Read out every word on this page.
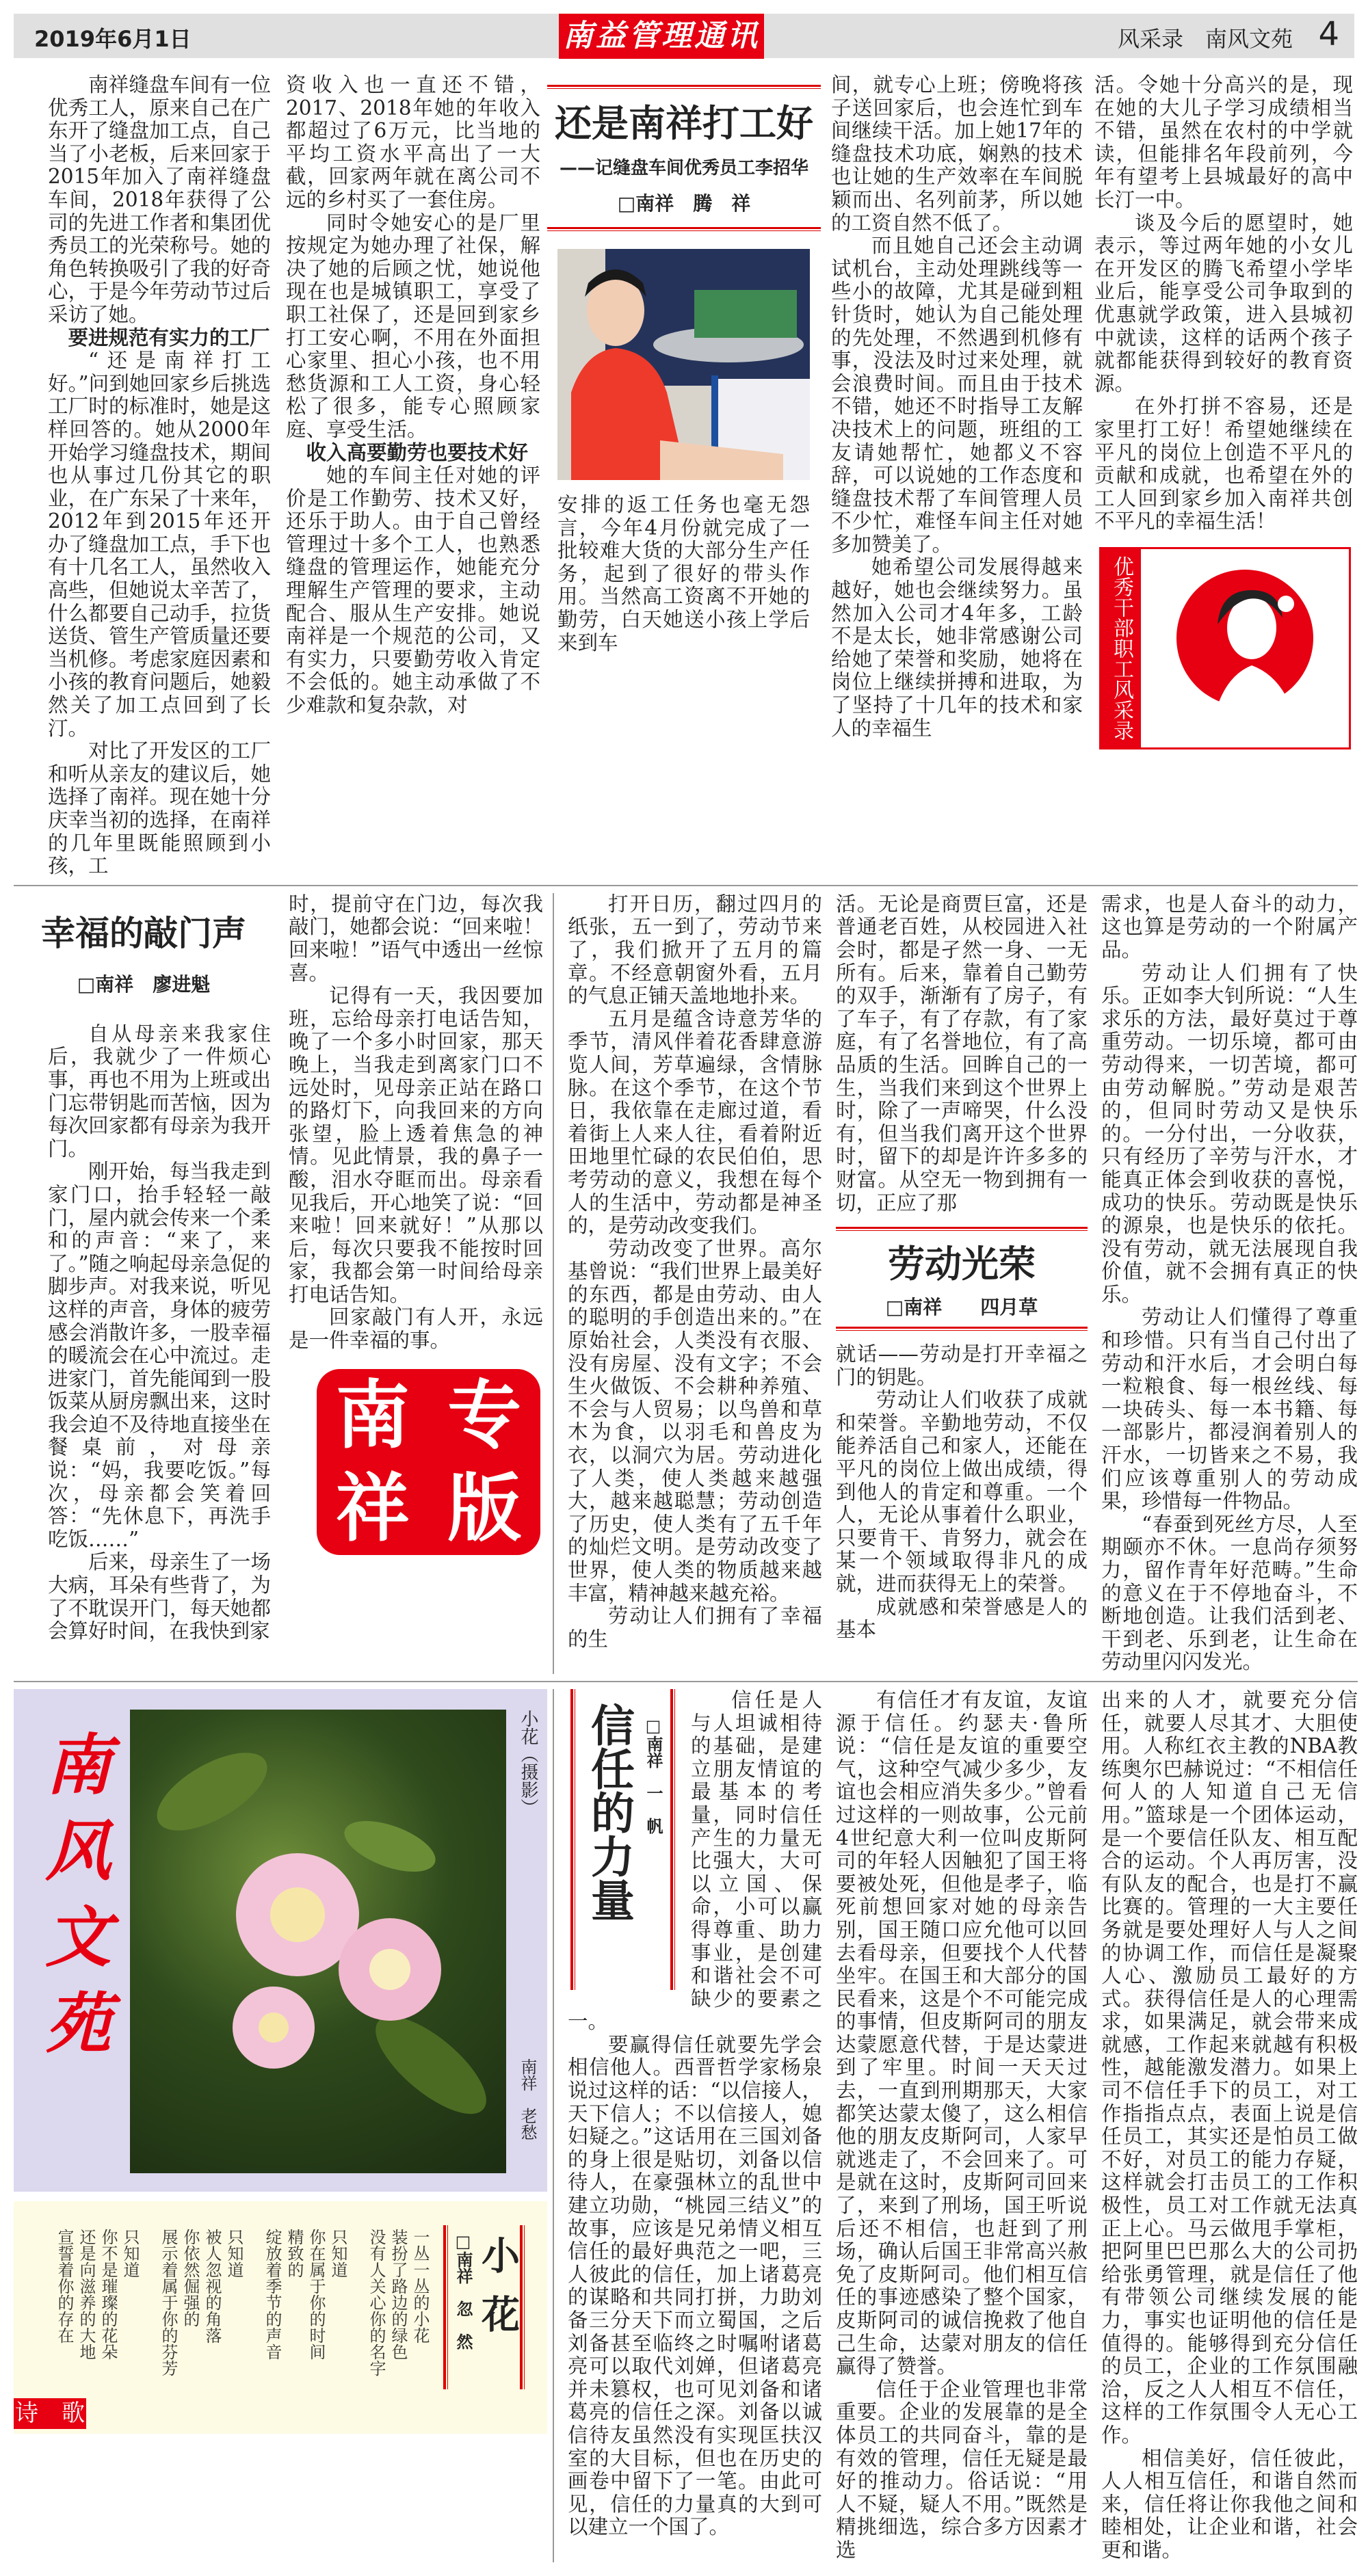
2019年6月1日	南益管理通讯	风采录　南风文苑 4

南祥缝盘车间有一位优秀工人，原来自己在广东开了缝盘加工点，自己当了小老板，后来回家于2015年加入了南祥缝盘车间，2018年获得了公司的先进工作者和集团优秀员工的光荣称号。她的角色转换吸引了我的好奇心，于是今年劳动节过后采访了她。

要进规范有实力的工厂

“还是南祥打工好。”问到她回家乡后挑选工厂时的标准时，她是这样回答的。她从2000年开始学习缝盘技术，期间也从事过几份其它的职业，在广东呆了十来年，2012年到2015年还开办了缝盘加工点，手下也有十几名工人，虽然收入高些，但她说太辛苦了，什么都要自己动手，拉货送货、管生产管质量还要当机修。考虑家庭因素和小孩的教育问题后，她毅然关了加工点回到了长汀。

对比了开发区的工厂和听从亲友的建议后，她选择了南祥。现在她十分庆幸当初的选择，在南祥的几年里既能照顾到小孩，工

资收入也一直还不错，2017、2018年她的年收入都超过了6万元，比当地的平均工资水平高出了一大截，回家两年就在离公司不远的乡村买了一套住房。

同时令她安心的是厂里按规定为她办理了社保，解决了她的后顾之忧，她说他现在也是城镇职工，享受了职工社保了，还是回到家乡打工安心啊，不用在外面担心家里、担心小孩，也不用愁货源和工人工资，身心轻松了很多，能专心照顾家庭、享受生活。

收入高要勤劳也要技术好

她的车间主任对她的评价是工作勤劳、技术又好，还乐于助人。由于自己曾经管理过十多个工人，也熟悉缝盘的管理运作，她能充分理解生产管理的要求，主动配合、服从生产安排。她说南祥是一个规范的公司，又有实力，只要勤劳收入肯定不会低的。她主动承做了不少难款和复杂款，对

还是南祥打工好
——记缝盘车间优秀员工李招华
□南祥　腾　祥

安排的返工任务也毫无怨言，今年4月份就完成了一批较难大货的大部分生产任务，起到了很好的带头作用。当然高工资离不开她的勤劳，白天她送小孩上学后来到车

间，就专心上班；傍晚将孩子送回家后，也会连忙到车间继续干活。加上她17年的缝盘技术功底，娴熟的技术也让她的生产效率在车间脱颖而出、名列前茅，所以她的工资自然不低了。

而且她自己还会主动调试机台，主动处理跳线等一些小的故障，尤其是碰到粗针货时，她认为自己能处理的先处理，不然遇到机修有事，没法及时过来处理，就会浪费时间。而且由于技术不错，她还不时指导工友解决技术上的问题，班组的工友请她帮忙，她都义不容辞，可以说她的工作态度和缝盘技术帮了车间管理人员不少忙，难怪车间主任对她多加赞美了。

她希望公司发展得越来越好，她也会继续努力。虽然加入公司才4年多，工龄不是太长，她非常感谢公司给她了荣誉和奖励，她将在岗位上继续拼搏和进取，为了坚持了十几年的技术和家人的幸福生

活。令她十分高兴的是，现在她的大儿子学习成绩相当不错，虽然在农村的中学就读，但能排名年段前列，今年有望考上县城最好的高中长汀一中。

谈及今后的愿望时，她表示，等过两年她的小女儿在开发区的腾飞希望小学毕业后，能享受公司争取到的优惠就学政策，进入县城初中就读，这样的话两个孩子就都能获得到较好的教育资源。

在外打拼不容易，还是家里打工好！希望她继续在平凡的岗位上创造不平凡的贡献和成就，也希望在外的工人回到家乡加入南祥共创不平凡的幸福生活！

优秀干部职工风采录
幸福的敲门声
□南祥　廖进魁

自从母亲来我家住后，我就少了一件烦心事，再也不用为上班或出门忘带钥匙而苦恼，因为每次回家都有母亲为我开门。

刚开始，每当我走到家门口，抬手轻轻一敲门，屋内就会传来一个柔和的声音：“来了，来了。”随之响起母亲急促的脚步声。对我来说，听见这样的声音，身体的疲劳感会消散许多，一股幸福的暖流会在心中流过。走进家门，首先能闻到一股饭菜从厨房飘出来，这时我会迫不及待地直接坐在餐桌前，对母亲说：“妈，我要吃饭。”每次，母亲都会笑着回答：“先休息下，再洗手吃饭……”

后来，母亲生了一场大病，耳朵有些背了，为了不耽误开门，每天她都会算好时间，在我快到家

时，提前守在门边，每次我敲门，她都会说：“回来啦！回来啦！”语气中透出一丝惊喜。

记得有一天，我因要加班，忘给母亲打电话告知，晚了一个多小时回家，那天晚上，当我走到离家门口不远处时，见母亲正站在路口的路灯下，向我回来的方向张望，脸上透着焦急的神情。见此情景，我的鼻子一酸，泪水夺眶而出。母亲看见我后，开心地笑了说：“回来啦！回来就好！”从那以后，每次只要我不能按时回家，我都会第一时间给母亲打电话告知。

回家敲门有人开，永远是一件幸福的事。

南 专
祥 版

打开日历，翻过四月的纸张，五一到了，劳动节来了，我们掀开了五月的篇章。不经意朝窗外看，五月的气息正铺天盖地地扑来。

五月是蕴含诗意芳华的季节，清风伴着花香肆意游览人间，芳草遍绿，含情脉脉。在这个季节，在这个节日，我依靠在走廊过道，看着街上人来人往，看着附近田地里忙碌的农民伯伯，思考劳动的意义，我想在每个人的生活中，劳动都是神圣的，是劳动改变我们。

劳动改变了世界。高尔基曾说：“我们世界上最美好的东西，都是由劳动、由人的聪明的手创造出来的。”在原始社会，人类没有衣服、没有房屋、没有文字；不会生火做饭、不会耕种养殖、不会与人贸易；以鸟兽和草木为食，以羽毛和兽皮为衣，以洞穴为居。劳动进化了人类，使人类越来越强大，越来越聪慧；劳动创造了历史，使人类有了五千年的灿烂文明。是劳动改变了世界，使人类的物质越来越丰富，精神越来越充裕。

劳动让人们拥有了幸福的生

活。无论是商贾巨富，还是普通老百姓，从校园进入社会时，都是孑然一身、一无所有。后来，靠着自己勤劳的双手，渐渐有了房子，有了车子，有了存款，有了家庭，有了名誉地位，有了高品质的生活。回眸自己的一生，当我们来到这个世界上时，除了一声啼哭，什么没有，但当我们离开这个世界时，留下的却是许许多多的财富。从空无一物到拥有一切，正应了那

劳动光荣
□南祥　　四月草

就话——劳动是打开幸福之门的钥匙。

劳动让人们收获了成就和荣誉。辛勤地劳动，不仅能养活自己和家人，还能在平凡的岗位上做出成绩，得到他人的肯定和尊重。一个人，无论从事着什么职业，只要肯干、肯努力，就会在某一个领域取得非凡的成就，进而获得无上的荣誉。

成就感和荣誉感是人的基本

需求，也是人奋斗的动力，这也算是劳动的一个附属产品。

劳动让人们拥有了快乐。正如李大钊所说：“人生求乐的方法，最好莫过于尊重劳动。一切乐境，都可由劳动得来，一切苦境，都可由劳动解脱。”劳动是艰苦的，但同时劳动又是快乐的。一分付出，一分收获，只有经历了辛劳与汗水，才能真正体会到收获的喜悦，成功的快乐。劳动既是快乐的源泉，也是快乐的依托。没有劳动，就无法展现自我价值，就不会拥有真正的快乐。

劳动让人们懂得了尊重和珍惜。只有当自己付出了劳动和汗水后，才会明白每一粒粮食、每一根丝线、每一块砖头、每一本书籍、每一部影片，都浸润着别人的汗水，一切皆来之不易，我们应该尊重别人的劳动成果，珍惜每一件物品。

“春蚕到死丝方尽，人至期颐亦不休。一息尚存须努力，留作青年好范畴。”生命的意义在于不停地奋斗，不断地创造。让我们活到老、干到老、乐到老，让生命在劳动里闪闪发光。

南风文苑	小花（摄影）
南祥　老愁
小花
□南祥　忽　然
一丛一丛的小花
装扮了路边的绿色
没有人关心你的名字
只知道
你在属于你的时间
精致的
绽放着季节的声音
只知道
被人忽视的角落
你依然倔强的
展示着属于你的芬芳
只知道
你不是璀璨的花朵
还是向滋养的大地
宣誓着你的存在
诗　歌
信任的力量 □南祥　一　帆

信任是人与人坦诚相待的基础，是建立朋友情谊的最基本的考量，同时信任产生的力量无比强大，大可以立国、保命，小可以赢得尊重、助力事业，是创建和谐社会不可缺少的要素之一。

要赢得信任就要先学会相信他人。西晋哲学家杨泉说过这样的话：“以信接人，天下信人；不以信接人，媳妇疑之。”这话用在三国刘备的身上很是贴切，刘备以信待人，在豪强林立的乱世中建立功勋，“桃园三结义”的故事，应该是兄弟情义相互信任的最好典范之一吧，三人彼此的信任，加上诸葛亮的谋略和共同打拼，力助刘备三分天下而立蜀国，之后刘备甚至临终之时嘱咐诸葛亮可以取代刘婵，但诸葛亮并未篡权，也可见刘备和诸葛亮的信任之深。刘备以诚信待友虽然没有实现匡扶汉室的大目标，但也在历史的画卷中留下了一笔。由此可见，信任的力量真的大到可以建立一个国了。

有信任才有友谊，友谊源于信任。约瑟夫·鲁所说：“信任是友谊的重要空气，这种空气减少多少，友谊也会相应消失多少。”曾看过这样的一则故事，公元前4世纪意大利一位叫皮斯阿司的年轻人因触犯了国王将要被处死，但他是孝子，临死前想回家对她的母亲告别，国王随口应允他可以回去看母亲，但要找个人代替坐牢。在国王和大部分的国民看来，这是个不可能完成的事情，但皮斯阿司的朋友达蒙愿意代替，于是达蒙进到了牢里。时间一天天过去，一直到刑期那天，大家都笑达蒙太傻了，这么相信他的朋友皮斯阿司，人家早就逃走了，不会回来了。可是就在这时，皮斯阿司回来了，来到了刑场，国王听说后还不相信，也赶到了刑场，确认后国王非常高兴赦免了皮斯阿司。他们相互信任的事迹感染了整个国家，皮斯阿司的诚信挽救了他自己生命，达蒙对朋友的信任赢得了赞誉。

信任于企业管理也非常重要。企业的发展靠的是全体员工的共同奋斗，靠的是有效的管理，信任无疑是最好的推动力。俗话说：“用人不疑，疑人不用。”既然是精挑细选，综合多方因素才选

出来的人才，就要充分信任，就要人尽其才、大胆使用。人称红衣主教的NBA教练奥尔巴赫说过：“不相信任何人的人知道自己无信用。”篮球是一个团体运动，是一个要信任队友、相互配合的运动。个人再厉害，没有队友的配合，也是打不赢比赛的。管理的一大主要任务就是要处理好人与人之间的协调工作，而信任是凝聚人心、激励员工最好的方式。获得信任是人的心理需求，如果满足，就会带来成就感，工作起来就越有积极性，越能激发潜力。如果上司不信任手下的员工，对工作指指点点，表面上说是信任员工，其实还是怕员工做不好，对员工的能力存疑，这样就会打击员工的工作积极性，员工对工作就无法真正上心。马云做甩手掌柜，把阿里巴巴那么大的公司扔给张勇管理，就是信任了他有带领公司继续发展的能力，事实也证明他的信任是值得的。能够得到充分信任的员工，企业的工作氛围融洽，反之人人相互不信任，这样的工作氛围令人无心工作。

相信美好，信任彼此，人人相互信任，和谐自然而来，信任将让你我他之间和睦相处，让企业和谐，社会更和谐。
